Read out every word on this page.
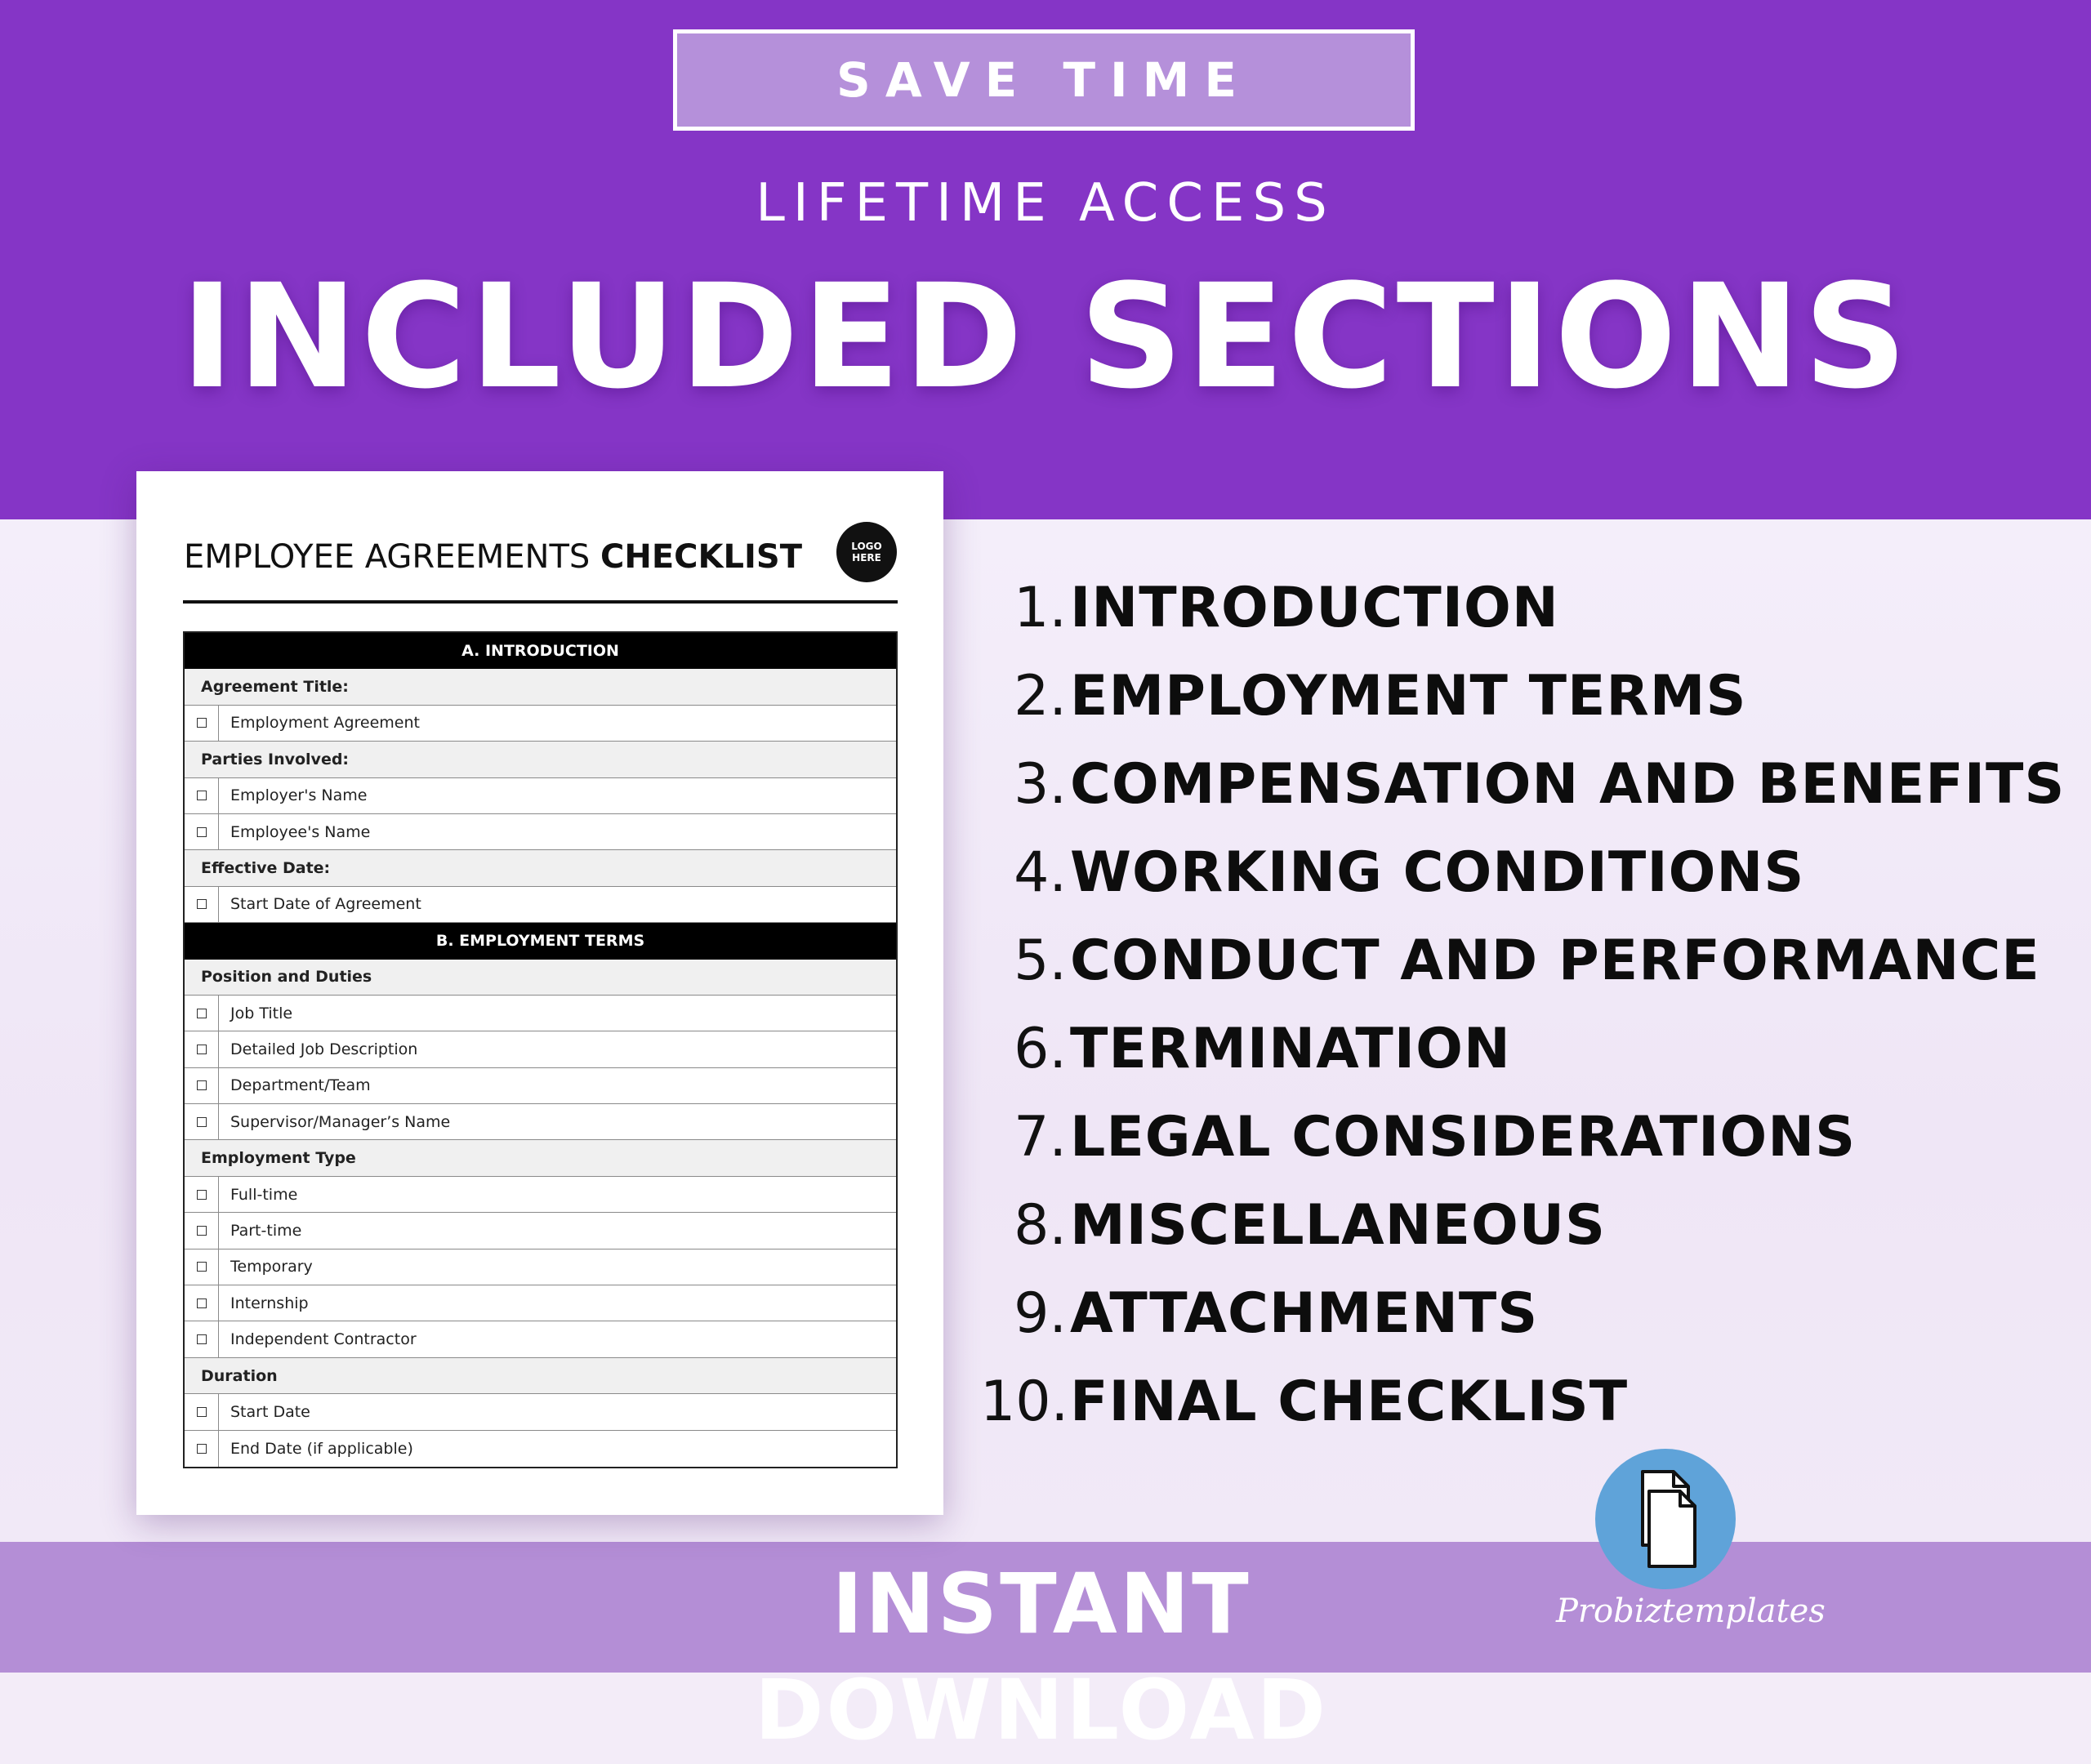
SAVE TIME
LIFETIME ACCESS
INCLUDED SECTIONS
EMPLOYEE AGREEMENTS CHECKLIST	LOGO
HERE
A. INTRODUCTION
Agreement Title:
Employment Agreement
Parties Involved:
Employer's Name
Employee's Name
Effective Date:
Start Date of Agreement
B. EMPLOYMENT TERMS
Position and Duties
Job Title
Detailed Job Description
Department/Team
Supervisor/Manager’s Name
Employment Type
Full-time
Part-time
Temporary
Internship
Independent Contractor
Duration
Start Date
End Date (if applicable)
1. INTRODUCTION
2. EMPLOYMENT TERMS
3. COMPENSATION AND BENEFITS
4. WORKING CONDITIONS
5. CONDUCT AND PERFORMANCE
6. TERMINATION
7. LEGAL CONSIDERATIONS
8. MISCELLANEOUS
9. ATTACHMENTS
10. FINAL CHECKLIST
INSTANT DOWNLOAD
Probiztemplates
